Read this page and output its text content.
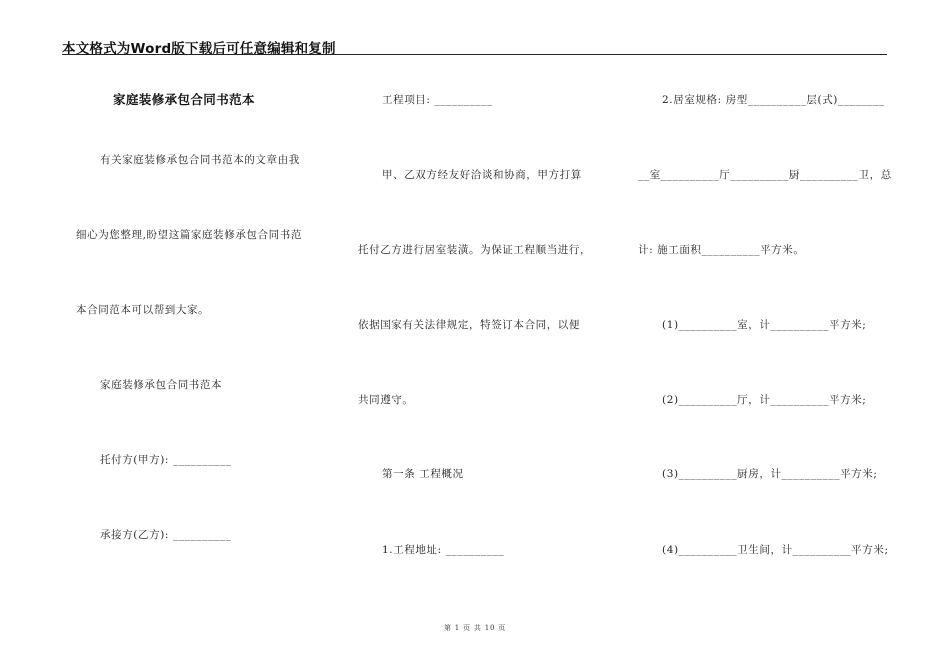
本文格式为Word版下载后可任意编辑和复制
家庭装修承包合同书范本
有关家庭装修承包合同书范本的文章由我
细心为您整理,盼望这篇家庭装修承包合同书范
本合同范本可以帮到大家。
家庭装修承包合同书范本
托付方(甲方): __________
承接方(乙方): __________
工程项目: __________
甲、乙双方经友好洽谈和协商，甲方打算
托付乙方进行居室装潢。为保证工程顺当进行，
依据国家有关法律规定，特签订本合同，以便
共同遵守。
第一条 工程概况
1.工程地址: __________
2.居室规格: 房型__________层(式)________
__室__________厅__________厨__________卫，总
计: 施工面积__________平方米。
(1)__________室，计__________平方米;
(2)__________厅，计__________平方米;
(3)__________厨房，计__________平方米;
(4)__________卫生间，计__________平方米;
第 1 页 共 10 页
